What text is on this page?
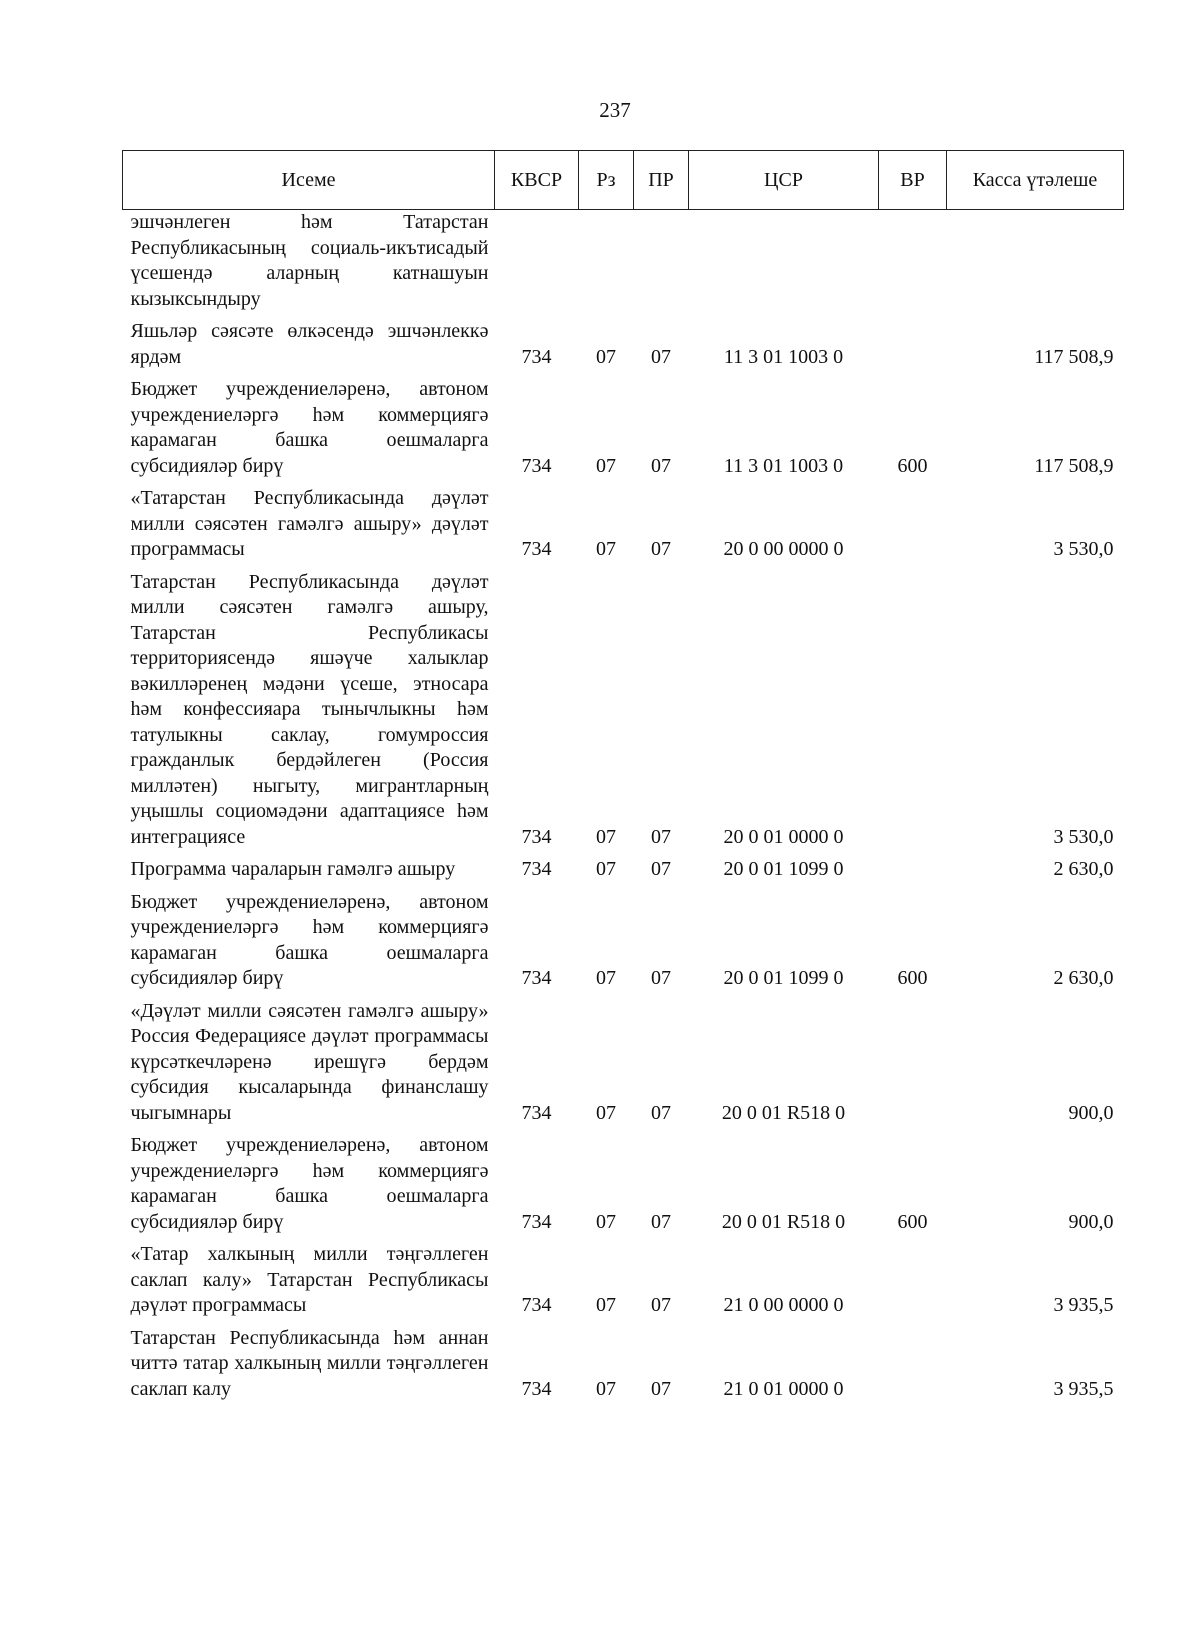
237
Исеме	КВСР	Рз	ПР	ЦСР	ВР	Касса үтәлеше
эшчәнлеген һәм Татарстан Республикасының социаль-икътисадый үсешендә аларның катнашуын кызыксындыру						
Яшьләр сәясәте өлкәсендә эшчәнлеккә ярдәм	734	07	07	11 3 01 1003 0		117 508,9
Бюджет учреждениеләренә, автоном учреждениеләргә һәм коммерциягә карамаган башка оешмаларга субсидияләр бирү	734	07	07	11 3 01 1003 0	600	117 508,9
«Татарстан Республикасында дәүләт милли сәясәтен гамәлгә ашыру» дәүләт программасы	734	07	07	20 0 00 0000 0		3 530,0
Татарстан Республикасында дәүләт милли сәясәтен гамәлгә ашыру, Татарстан Республикасы территориясендә яшәүче халыклар вәкилләренең мәдәни үсеше, этносара һәм конфессияара тынычлыкны һәм татулыкны саклау, гомумроссия гражданлык бердәйлеген (Россия милләтен) ныгыту, мигрантларның уңышлы социомәдәни адаптациясе һәм интеграциясе	734	07	07	20 0 01 0000 0		3 530,0
Программа чараларын гамәлгә ашыру	734	07	07	20 0 01 1099 0		2 630,0
Бюджет учреждениеләренә, автоном учреждениеләргә һәм коммерциягә карамаган башка оешмаларга субсидияләр бирү	734	07	07	20 0 01 1099 0	600	2 630,0
«Дәүләт милли сәясәтен гамәлгә ашыру» Россия Федерациясе дәүләт программасы күрсәткечләренә ирешүгә бердәм субсидия кысаларында финанслашу чыгымнары	734	07	07	20 0 01 R518 0		900,0
Бюджет учреждениеләренә, автоном учреждениеләргә һәм коммерциягә карамаган башка оешмаларга субсидияләр бирү	734	07	07	20 0 01 R518 0	600	900,0
«Татар халкының милли тәңгәллеген саклап калу» Татарстан Республикасы дәүләт программасы	734	07	07	21 0 00 0000 0		3 935,5
Татарстан Республикасында һәм аннан читтә татар халкының милли тәңгәллеген саклап калу	734	07	07	21 0 01 0000 0		3 935,5
